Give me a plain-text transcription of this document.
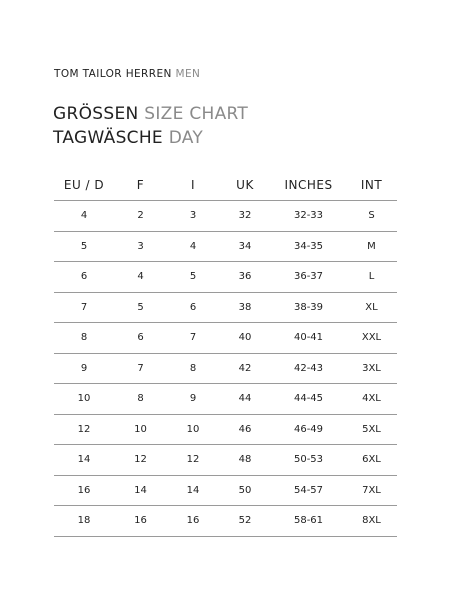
TOM TAILOR HERREN MEN
GRÖSSEN SIZE CHART
TAGWÄSCHE DAY
EU / D	F	I	UK	INCHES	INT
4	2	3	32	32-33	S
5	3	4	34	34-35	M
6	4	5	36	36-37	L
7	5	6	38	38-39	XL
8	6	7	40	40-41	XXL
9	7	8	42	42-43	3XL
10	8	9	44	44-45	4XL
12	10	10	46	46-49	5XL
14	12	12	48	50-53	6XL
16	14	14	50	54-57	7XL
18	16	16	52	58-61	8XL
